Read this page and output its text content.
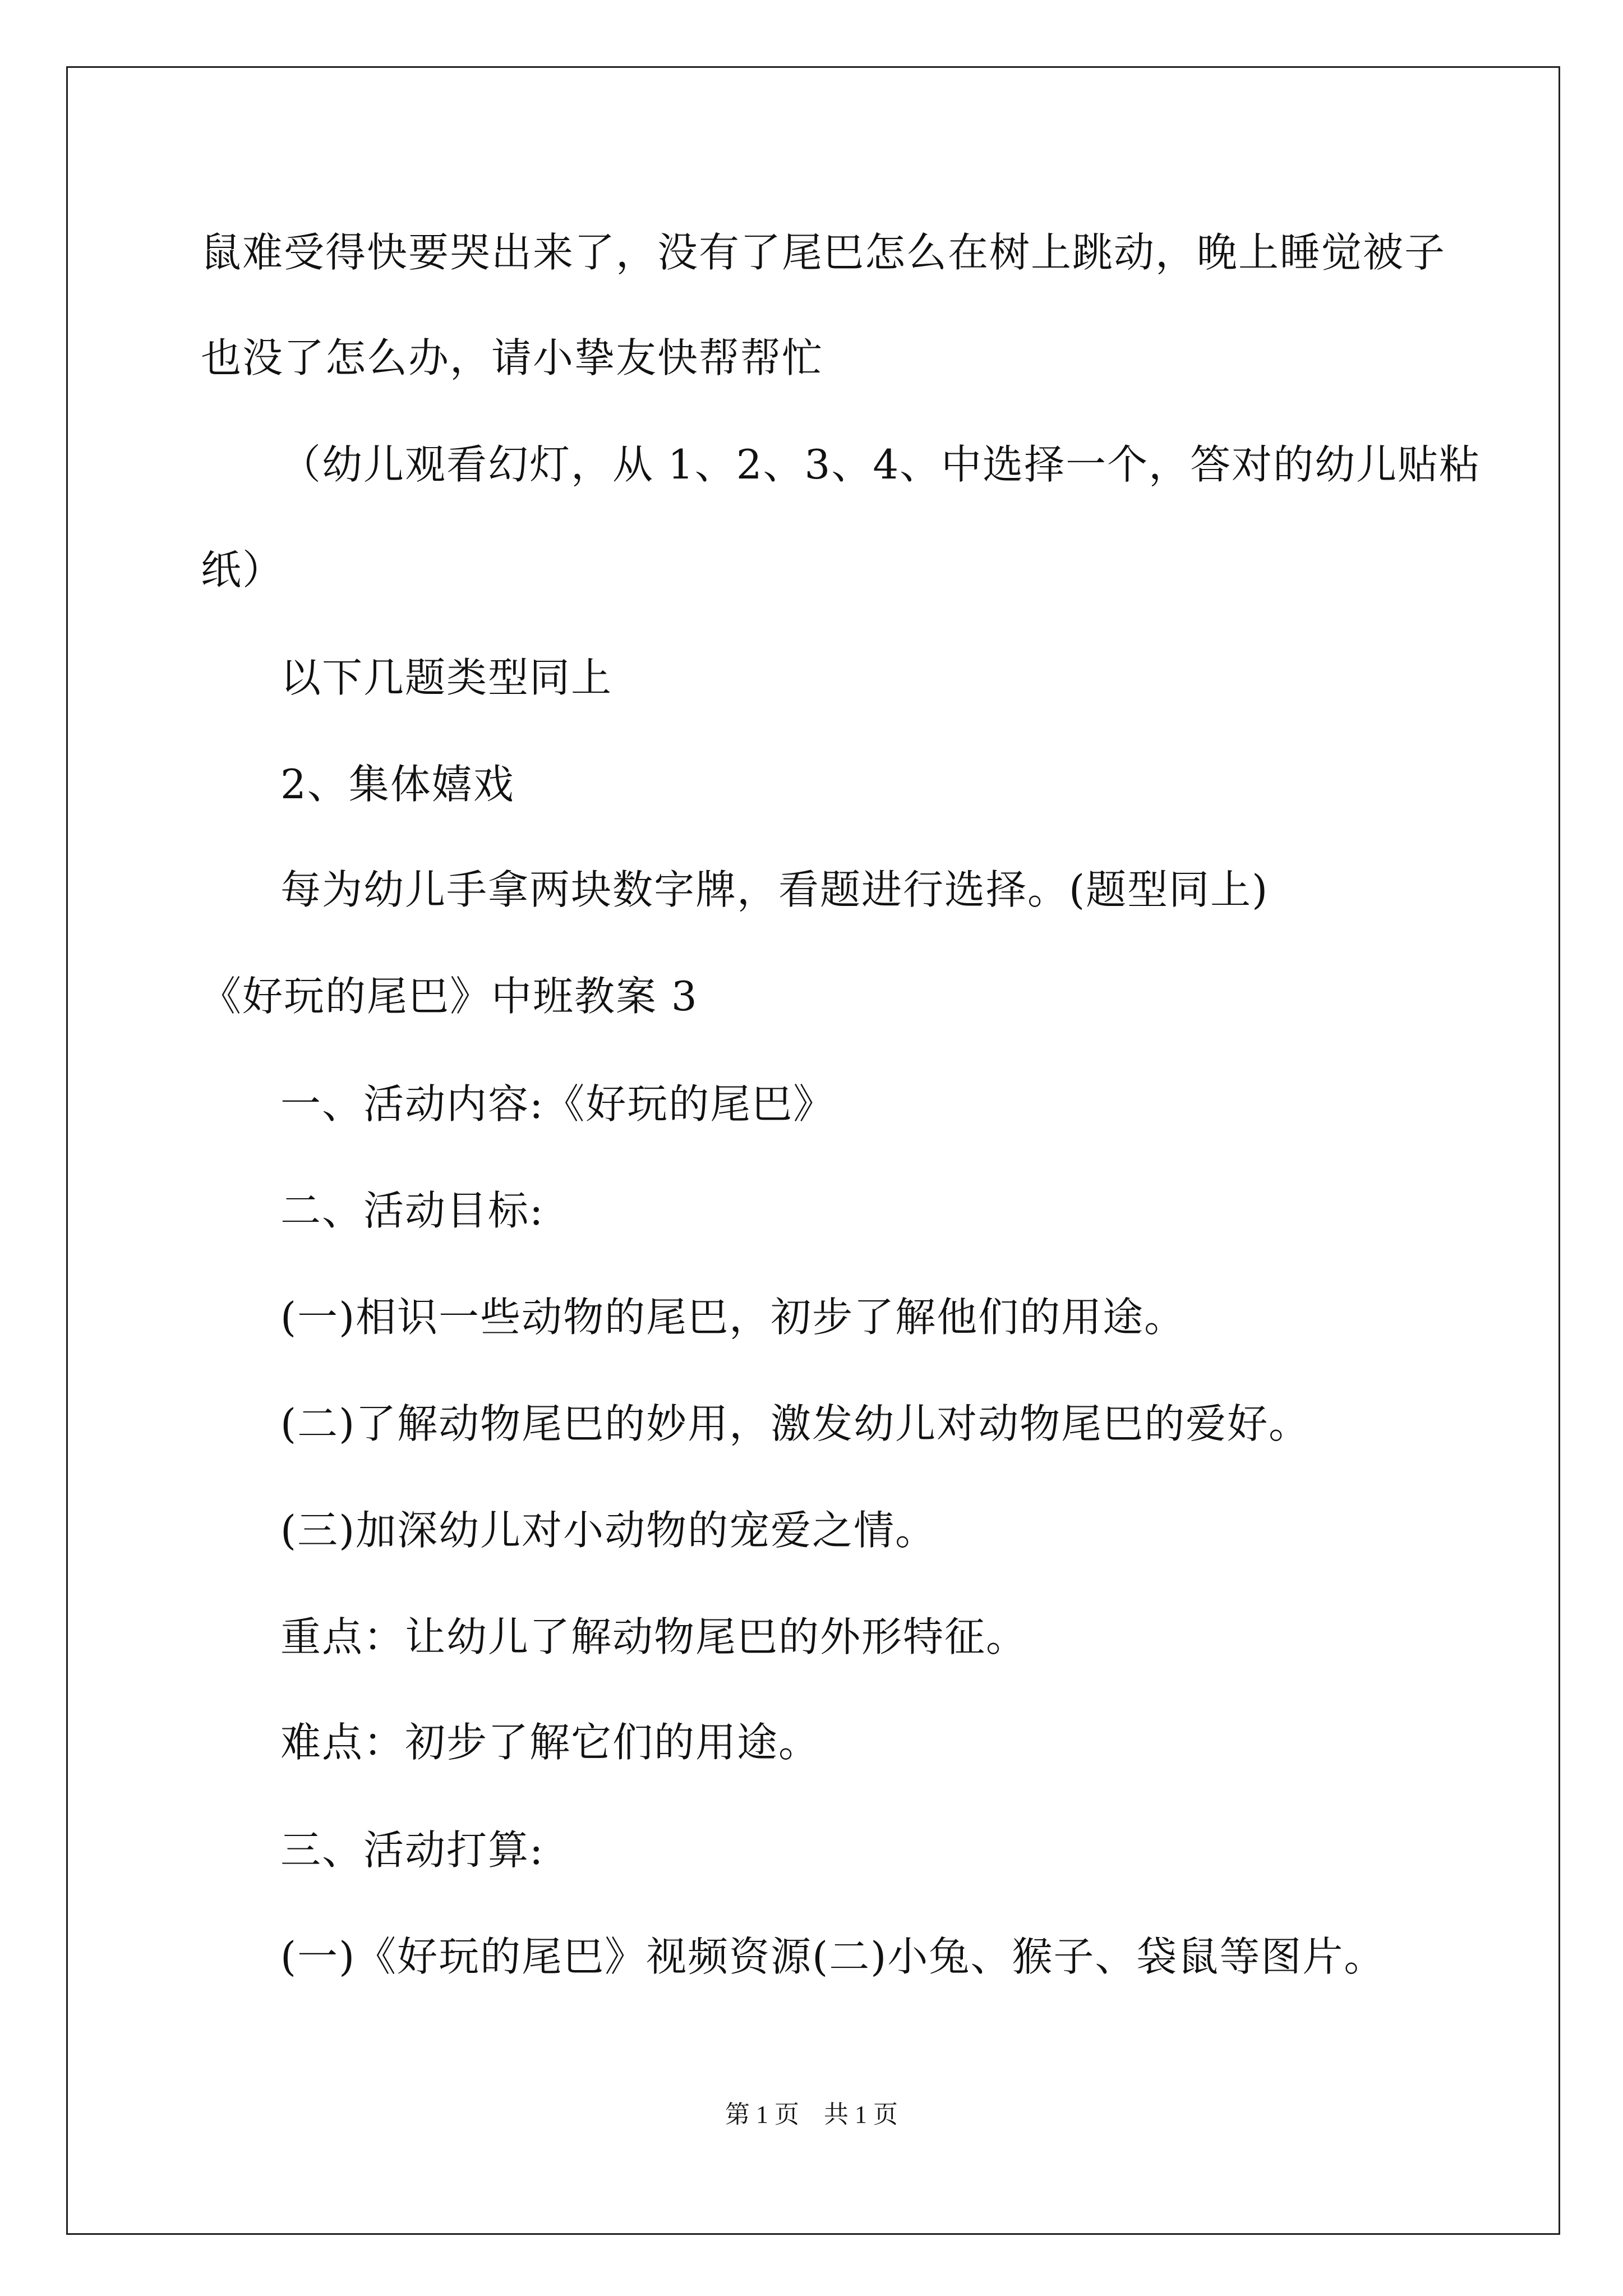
鼠难受得快要哭出来了，没有了尾巴怎么在树上跳动，晚上睡觉被子
也没了怎么办，请小挚友快帮帮忙
（幼儿观看幻灯，从 1、2、3、4、中选择一个，答对的幼儿贴粘
纸）
以下几题类型同上
2、集体嬉戏
每为幼儿手拿两块数字牌，看题进行选择。(题型同上)
《好玩的尾巴》中班教案 3
一、活动内容:《好玩的尾巴》
二、活动目标:
(一)相识一些动物的尾巴，初步了解他们的用途。
(二)了解动物尾巴的妙用，激发幼儿对动物尾巴的爱好。
(三)加深幼儿对小动物的宠爱之情。
重点：让幼儿了解动物尾巴的外形特征。
难点：初步了解它们的用途。
三、活动打算:
(一)《好玩的尾巴》视频资源(二)小兔、猴子、袋鼠等图片。
第 1 页　共 1 页
